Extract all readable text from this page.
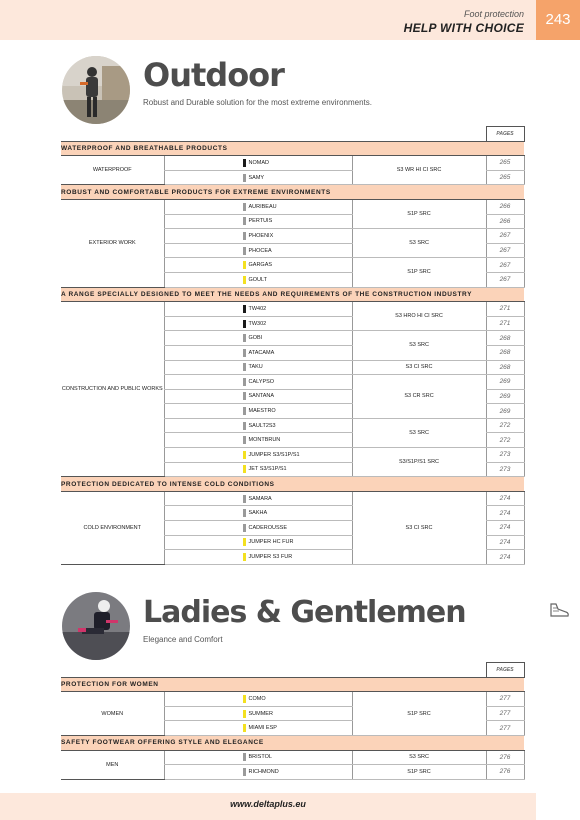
Foot protection
HELP WITH CHOICE	243
Outdoor
Robust and Durable solution for the most extreme environments.
			PAGES
WATERPROOF AND BREATHABLE PRODUCTS			
WATERPROOF	NOMAD	S3 WR HI CI SRC	265
	SAMY		265
ROBUST AND COMFORTABLE PRODUCTS FOR EXTREME ENVIRONMENTS			
EXTERIOR WORK	AURIBEAU	S1P SRC	266
	PERTUIS		266
	PHOENIX	S3 SRC	267
	PHOCEA		267
	GARGAS	S1P SRC	267
	GOULT		267
A RANGE SPECIALLY DESIGNED TO MEET THE NEEDS AND REQUIREMENTS OF THE CONSTRUCTION INDUSTRY			
CONSTRUCTION AND PUBLIC WORKS	TW402	S3 HRO HI CI SRC	271
	TW302		271
	GOBI	S3 SRC	268
	ATACAMA		268
	TAKU	S3 CI SRC	268
	CALYPSO	S3 CR SRC	269
	SANTANA		269
	MAESTRO		269
	SAULT2S3	S3 SRC	272
	MONTBRUN		272
	JUMPER S3/S1P/S1	S3/S1P/S1 SRC	273
	JET S3/S1P/S1		273
PROTECTION DEDICATED TO INTENSE COLD CONDITIONS			
COLD ENVIRONMENT	SAMARA	S3 CI SRC	274
	SAKHA		274
	CADEROUSSE		274
	JUMPER HC FUR		274
	JUMPER S3 FUR		274
Ladies & Gentlemen
Elegance and Comfort
			PAGES
PROTECTION FOR WOMEN			
WOMEN	COMO	S1P SRC	277
	SUMMER		277
	MIAMI ESP		277
SAFETY FOOTWEAR OFFERING STYLE AND ELEGANCE			
MEN	BRISTOL	S3 SRC	276
	RICHMOND	S1P SRC	276
www.deltaplus.eu
